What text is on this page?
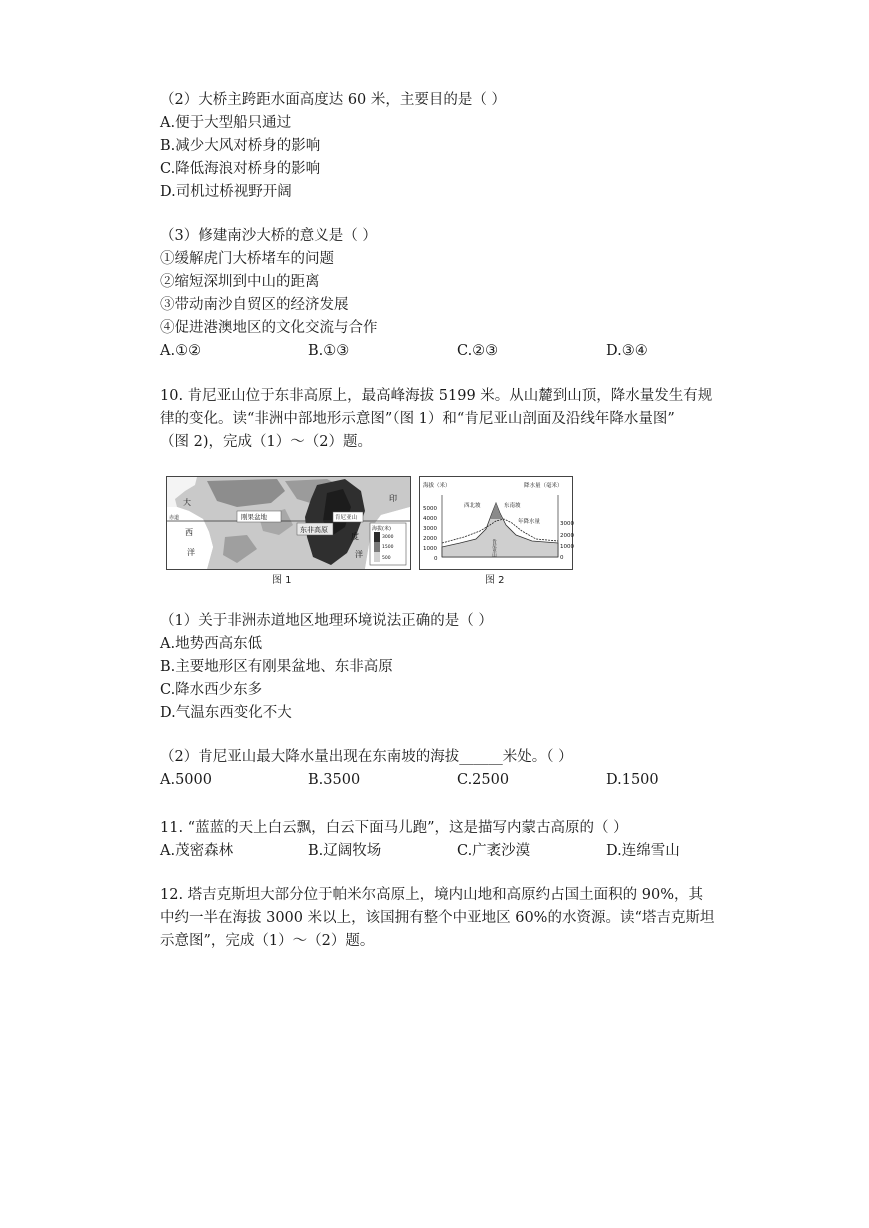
（2）大桥主跨距水面高度达 60 米，主要目的是（ ）
A.便于大型船只通过
B.减少大风对桥身的影响
C.降低海浪对桥身的影响
D.司机过桥视野开阔
（3）修建南沙大桥的意义是（ ）
①缓解虎门大桥堵车的问题
②缩短深圳到中山的距离
③带动南沙自贸区的经济发展
④促进港澳地区的文化交流与合作
A.①②	B.①③	C.②③	D.③④
10. 肯尼亚山位于东非高原上，最高峰海拔 5199 米。从山麓到山顶，降水量发生有规
律的变化。读“非洲中部地形示意图”（图 1）和“肯尼亚山剖面及沿线年降水量图”
（图 2)，完成（1）～（2）题。
大
西
洋
赤道	刚果盆地
东非高原
肯尼亚山
印
度
洋
海拔(米)
3000
1500
500
图 1
5000
4000
3000
2000
1000
0
3000
2000
1000
0
海拔（米）	降水量（毫米）
西北坡	东南坡
年降水量
肯尼亚山
图 2
（1）关于非洲赤道地区地理环境说法正确的是（ ）
A.地势西高东低
B.主要地形区有刚果盆地、东非高原
C.降水西少东多
D.气温东西变化不大
（2）肯尼亚山最大降水量出现在东南坡的海拔______米处。（ ）
A.5000	B.3500	C.2500	D.1500
11. “蓝蓝的天上白云飘，白云下面马儿跑”，这是描写内蒙古高原的（ ）
A.茂密森林	B.辽阔牧场	C.广袤沙漠	D.连绵雪山
12. 塔吉克斯坦大部分位于帕米尔高原上，境内山地和高原约占国土面积的 90%，其
中约一半在海拔 3000 米以上，该国拥有整个中亚地区 60%的水资源。读“塔吉克斯坦
示意图”，完成（1）～（2）题。
